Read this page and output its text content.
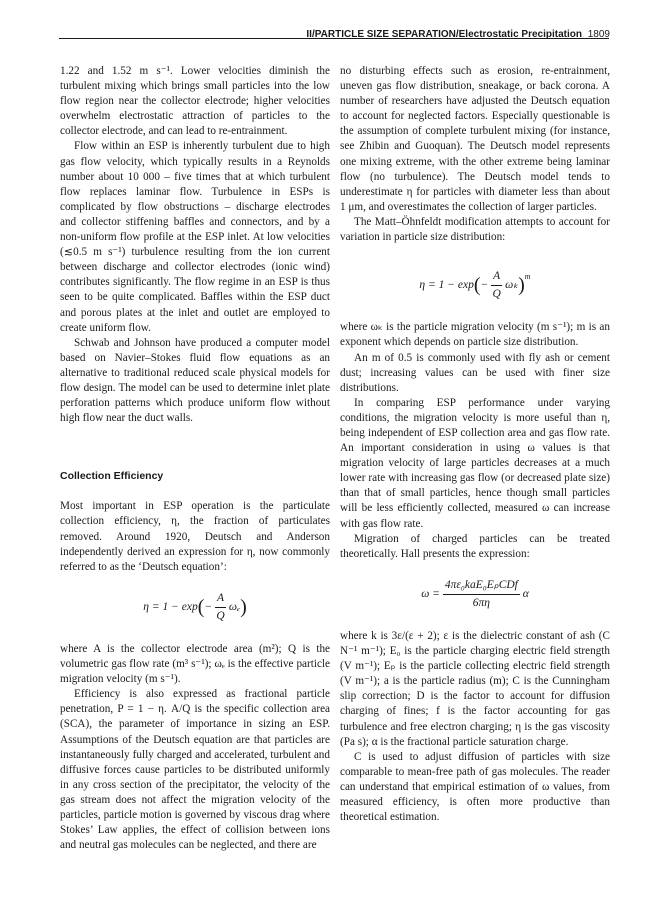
II/PARTICLE SIZE SEPARATION/Electrostatic Precipitation 1809

1.22 and 1.52 m s⁻¹. Lower velocities diminish the turbulent mixing which brings small particles into the low flow region near the collector electrode; higher velocities overwhelm electrostatic attraction of particles to the collector electrode, and can lead to re-entrainment.

Flow within an ESP is inherently turbulent due to high gas flow velocity, which typically results in a Reynolds number about 10 000 – five times that at which turbulent flow replaces laminar flow. Turbulence in ESPs is complicated by flow obstructions – discharge electrodes and collector stiffening baffles and connectors, and by a non-uniform flow profile at the ESP inlet. At low velocities (≲0.5 m s⁻¹) turbulence resulting from the ion current between discharge and collector electrodes (ionic wind) contributes significantly. The flow regime in an ESP is thus seen to be quite complicated. Baffles within the ESP duct and porous plates at the inlet and outlet are employed to create uniform flow.

Schwab and Johnson have produced a computer model based on Navier–Stokes fluid flow equations as an alternative to traditional reduced scale physical models for flow design. The model can be used to determine inlet plate perforation patterns which produce uniform flow without high flow near the duct walls.

Collection Efficiency

Most important in ESP operation is the particulate collection efficiency, η, the fraction of particulates removed. Around 1920, Deutsch and Anderson independently derived an expression for η, now commonly referred to as the ‘Deutsch equation’:

$\eta = 1 - \exp(- \frac{A}{Q} \omega_e)$

where A is the collector electrode area (m²); Q is the volumetric gas flow rate (m³ s⁻¹); ωₑ is the effective particle migration velocity (m s⁻¹).

Efficiency is also expressed as fractional particle penetration, P = 1 − η. A/Q is the specific collection area (SCA), the parameter of importance in sizing an ESP. Assumptions of the Deutsch equation are that particles are instantaneously fully charged and accelerated, turbulent and diffusive forces cause particles to be distributed uniformly in any cross section of the precipitator, the velocity of the gas stream does not affect the migration velocity of the particles, particle motion is governed by viscous drag where Stokes’ Law applies, the effect of collision between ions and neutral gas molecules can be neglected, and there are

no disturbing effects such as erosion, re-entrainment, uneven gas flow distribution, sneakage, or back corona. A number of researchers have adjusted the Deutsch equation to account for neglected factors. Especially questionable is the assumption of complete turbulent mixing (for instance, see Zhibin and Guoquan). The Deutsch model represents one mixing extreme, with the other extreme being laminar flow (no turbulence). The Deutsch model tends to underestimate η for particles with diameter less than about 1 μm, and overestimates the collection of larger particles.

The Matt–Öhnfeldt modification attempts to account for variation in particle size distribution:

$\eta = 1 - \exp(- \frac{A}{Q} \omega_k)^m$

where ωₖ is the particle migration velocity (m s⁻¹); m is an exponent which depends on particle size distribution.

An m of 0.5 is commonly used with fly ash or cement dust; increasing values can be used with finer size distributions.

In comparing ESP performance under varying conditions, the migration velocity is more useful than η, being independent of ESP collection area and gas flow rate. An important consideration in using ω values is that migration velocity of large particles decreases at a much lower rate with increasing gas flow (or decreased plate size) than that of small particles, hence though small particles will be less efficiently collected, measured ω can increase with gas flow rate.

Migration of charged particles can be treated theoretically. Hall presents the expression:

$\omega = \frac{\text{4πε₀kaE₀EₚCDf}}{6\pi\eta}$ α

where k is 3ε/(ε + 2); ε is the dielectric constant of ash (C N⁻¹ m⁻¹); E₀ is the particle charging electric field strength (V m⁻¹); Eₚ is the particle collecting electric field strength (V m⁻¹); a is the particle radius (m); C is the Cunningham slip correction; D is the factor to account for diffusion charging of fines; f is the factor accounting for gas turbulence and free electron charging; η is the gas viscosity (Pa s); α is the fractional particle saturation charge.

C is used to adjust diffusion of particles with size comparable to mean-free path of gas molecules. The reader can understand that empirical estimation of ω values, from measured efficiency, is often more productive than theoretical estimation.
